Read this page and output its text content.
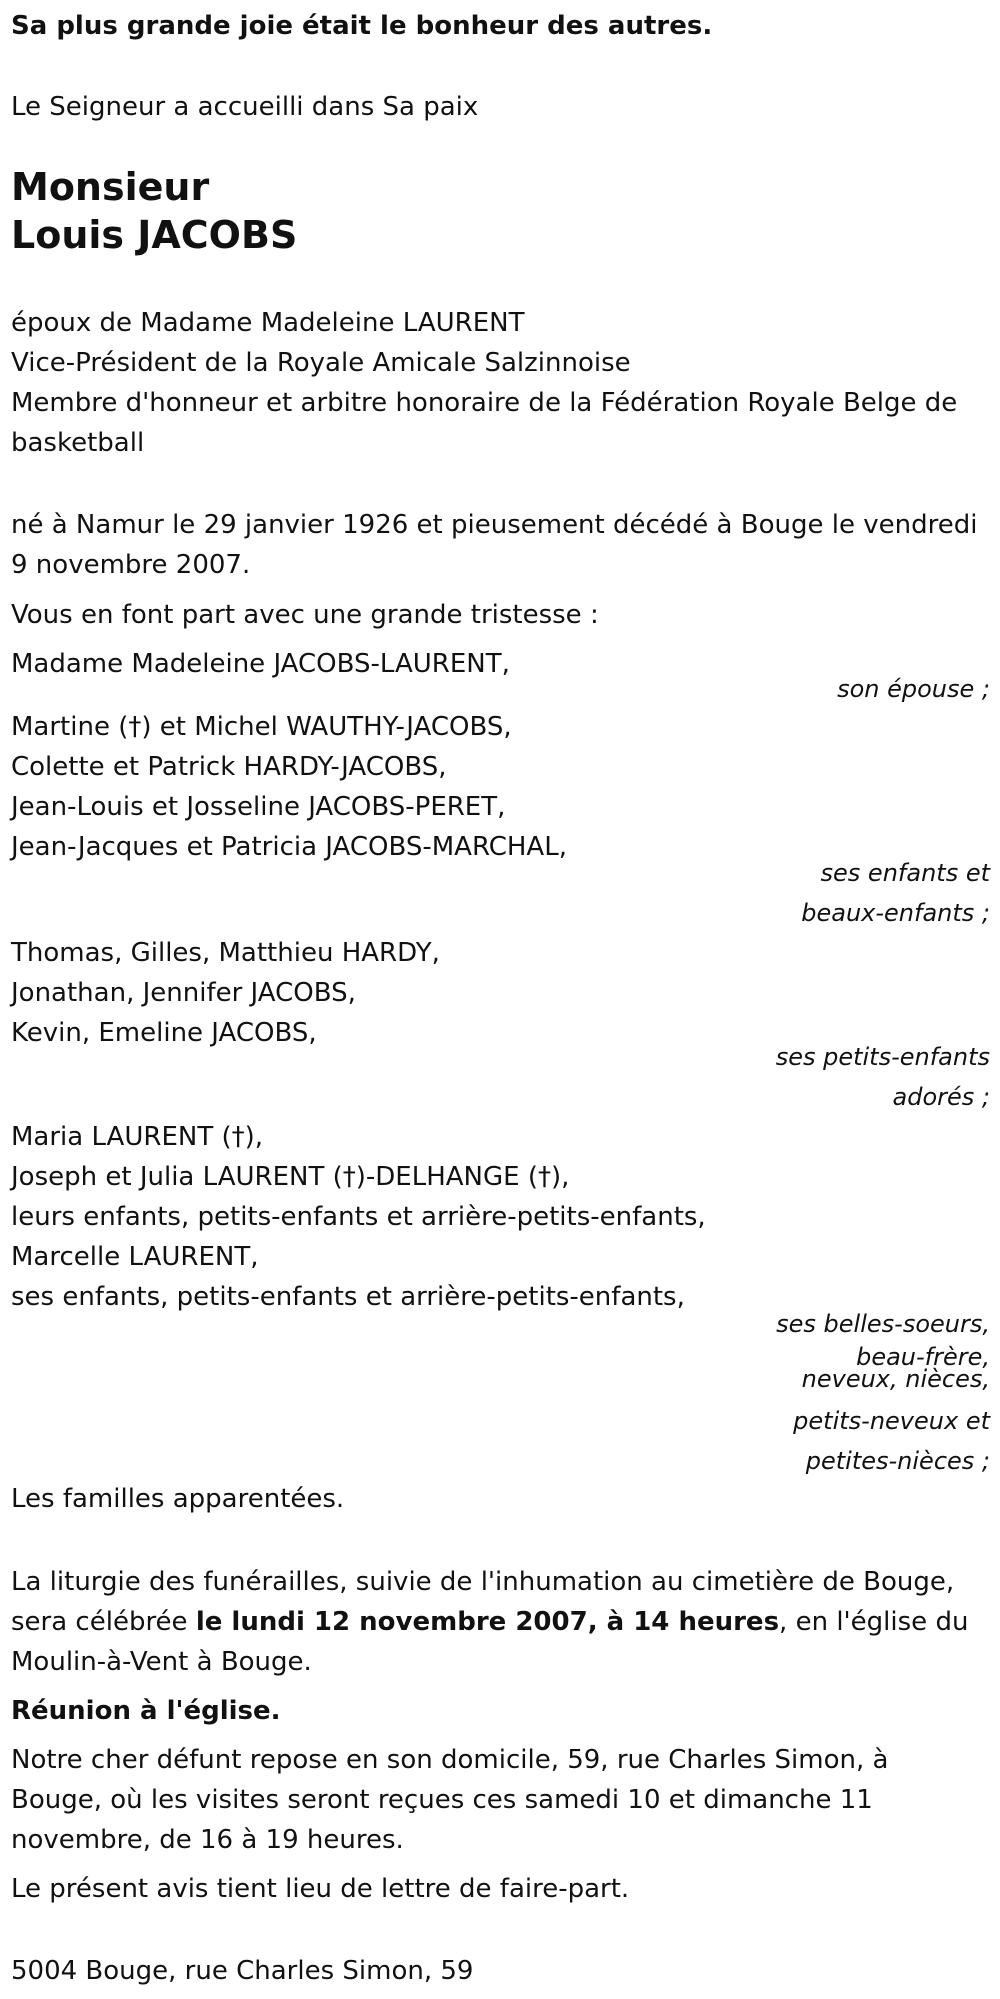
Sa plus grande joie était le bonheur des autres.

Le Seigneur a accueilli dans Sa paix

Monsieur

Louis JACOBS

époux de Madame Madeleine LAURENT

Vice-Président de la Royale Amicale Salzinnoise

Membre d'honneur et arbitre honoraire de la Fédération Royale Belge de

basketball

né à Namur le 29 janvier 1926 et pieusement décédé à Bouge le vendredi

9 novembre 2007.

Vous en font part avec une grande tristesse :

Madame Madeleine JACOBS-LAURENT,

son épouse ;

Martine (†) et Michel WAUTHY-JACOBS,

Colette et Patrick HARDY-JACOBS,

Jean-Louis et Josseline JACOBS-PERET,

Jean-Jacques et Patricia JACOBS-MARCHAL,

ses enfants et

beaux-enfants ;

Thomas, Gilles, Matthieu HARDY,

Jonathan, Jennifer JACOBS,

Kevin, Emeline JACOBS,

ses petits-enfants

adorés ;

Maria LAURENT (†),

Joseph et Julia LAURENT (†)-DELHANGE (†),

leurs enfants, petits-enfants et arrière-petits-enfants,

Marcelle LAURENT,

ses enfants, petits-enfants et arrière-petits-enfants,

ses belles-soeurs,

beau-frère,

neveux, nièces,

petits-neveux et

petites-nièces ;

Les familles apparentées.

La liturgie des funérailles, suivie de l'inhumation au cimetière de Bouge,

sera célébrée le lundi 12 novembre 2007, à 14 heures, en l'église du

Moulin-à-Vent à Bouge.

Réunion à l'église.

Notre cher défunt repose en son domicile, 59, rue Charles Simon, à

Bouge, où les visites seront reçues ces samedi 10 et dimanche 11

novembre, de 16 à 19 heures.

Le présent avis tient lieu de lettre de faire-part.

5004 Bouge, rue Charles Simon, 59
